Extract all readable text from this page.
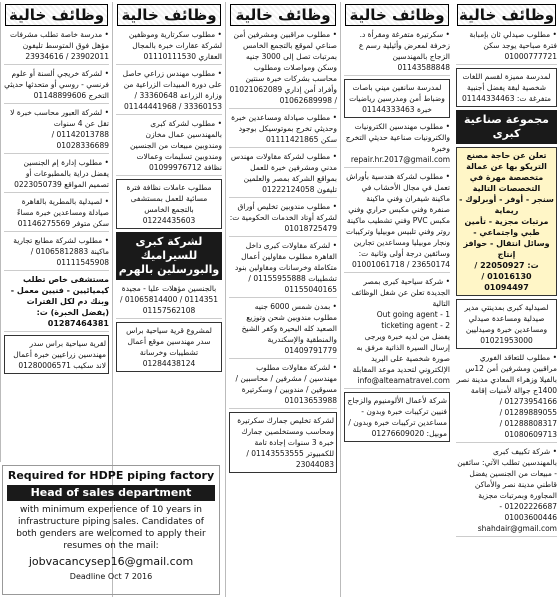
وظائف خالية
• مطلوب صيدلي ثان بإمبابة فترة صباحية يوجد سكن 01000777721
لمدرسة مميزة لقسم اللغات شخصية لبقة يفضل أجنبية متفرغة ت: 01144334463
مجموعة صناعية كبرى
تعلن عن حاجة مصنع التريكو بها عن عمالة متخصصة مهرة في التخصصات التالية
سنجر - أوفر - أوبرلوك - ريماية
مرتبات مجزية - تأمين طبي واجتماعي - وسائل انتقال - حوافز إنتاج
ت: 22050927 / 01016130 / 01094497
لصيدلية كبرى بمدينتي مدير صيدلية ومساعدة صيدلي ومساعدين خبرة وصيدليين 01021953000
• مطلوب للتعاقد الفوري مراقبين ومشرفين أمن 12س بالفيلا وزهراء المعادي مدينة نصر 1400ج جوالة لأمنيات إقامة 01273954166 / 01289889055 / 01288808317 / 01080609713
• شركة تكييف كبرى بالمهندسين تطلب الآتي: سائقين - مبيعات من الجنسين يفضل قاطني مدينة نصر والأماكن المجاورة وبمرتبات مجزية 01202226687 - 01003600446 shahdair@gmail.com
وظائف خالية
• سكرتيرة متفرغة ومقرأة د. زخرفة لمعرض وأثيلية رسم ع الزجاج بالمهندسين 01143588848
لمدرسة سانفين ميني باصات وضباط أمن ومدرسين رياضيات خبرة 01144333463
• مطلوب مهندسين الكترونيات والكترونيات صناعية حديثي التخرج وخبرة repair.hr.2017@gmail.com
• مطلوب لشركة هندسية بأوراش تعمل في مجال الأخشاب في ماكينة شيفران وفني ماكينة صنفرة وفني مكبس حراري وفني مكبس PVC وفني تشطيب ماكينة روتر وفني تلبيس موبيليا وتركيبات ونجار موبيليا ومساعدين تجارين وسائقين درجة أولى وثانية ت: 23650174 / 01001061718
• شركة سياحية كبرى بمصر الجديدة تعلن عن شغل الوظائف التالية
1 - Out going agent
2 - ticketing agent
يفضل من لديه خبرة ويرجى إرسال السيرة الذاتية مرفق به صورة شخصية على البريد الإلكتروني لتحديد موعد المقابلة info@alteamatravel.com
شركة لأعمال الألومنيوم والزجاج فنيين تركيبات خبرة وبدون - مساعدين تركيبات خبرة وبدون / موبيل: 01276609020
وظائف خالية
• مطلوب مراقبين ومشرفين أمن صناعي لموقع بالتجمع الخامس بمرتبات تصل إلى 3000 جنيه وسكن ومواصلات ومطلوب محاسب بشركات خبرة سنتين وأفراد أمن إداري 01021062089 / 01062689998
• مطلوب صيادلة ومساعدين خبرة وحديثي تخرج بموتوسيكل بوجود سكن 01111421865
• مطلوب لشركة مقاولات مهندس مدني ومشرفين خبرة للعمل بمواقع الشركة بمصر والعلمين تليفون 01222124058
• مطلوب مندوبين تخليص أوراق لشركة أوتاد الخدمات الحكومية ت: 01018725479
• لشركة مقاولات كبرى داخل القاهرة مطلوب مقاولين أعمال متكاملة وخرسانات ومقاولين بنود تشطيبات 01155955888 / 01155040165
• بمدن شمس 6000 جنيه مطلوب مندوبين شحن وتوزيع الصعيد كله البحيرة وكفر الشيخ والمنطقية والإسكندرية 01409791779
• لشركة مقاولات مطلوب مهندسين / مشرفين / محاسبين / مسوقين / مندوبين / وسكرتيرة 01013653988
لشركة تخليص جمارك سكرتيرة ومحاسب ومستخلصين جمارك خبرة 3 سنوات إجادة تامة للكمبيوتر 01143553555 / 23044083
وظائف خالية
• مطلوب سكرتارية وموظفين لشركة عقارات خبرة بالمجال العقاري 01110111530
• مطلوب مهندس زراعي حاصل على دورة المبيدات الزراعية من وزارة الزراعة 33360648 / 33360153 / 01144441968
• مطلوب لشركة كبرى بالمهندسين عمال مخازن ومندوبين مبيعات من الجنسين ومندوبين تسليمات وعمالات نظافة 01099976712
مطلوب عاملات نظافة فترة مسائية للعمل بمستشفى بالتجمع الخامس 01224435603
لشركة كبرى للسيراميك والبورسلين بالهرم
بالجنسين مؤهلات عليا - مجيدة 0114351 / 01065814400 / 01157562108
لمشروع قرية سياحية براس سدر مهندسين موقع أعمال تشطيبات وخرسانة 01284438124
وظائف خالية
• مدرسة خاصة تطلب مشرفات مؤهل فوق المتوسط تليفون 23902011 / 23934616
• لشركة خريجي ألسنة أو علوم فرنسي - روسي أو متحدثها حديثي التخرج 01148899606
• لشركة العبور محاسب خبرة لا تقل عن 4 سنوات 01142013788 / 01028336689
• مطلوب إدارة إم الجنسين يفضل دراية بالمطبوعات أو تصميم المواقع 0223050739
• لصيدلية بالمطرية بالقاهرة صيادلة ومساعدين خبرة مساءً سكن متوفر 01146275569
• مطلوب لشركة مطابع تجارية ماكينة 01065812883 / 01111545908
مستشفى خاص تطلب كيميائيين - فنيين معمل - وبنك دم لكل الفترات (يفضل الخبرة) ت: 01287464381
لقرية سياحية براس سدر مهندسين زراعيين خبرة أعمال لاند سكيب 01280006571

Required for HDPE piping factory

Head of sales department

with minimum experience of 10 years in infrastructure piping sales. Candidates of both genders are welcomed to apply their resumes on the mail:

jobvacancysep16@gmail.com

Deadline Oct 7 2016
